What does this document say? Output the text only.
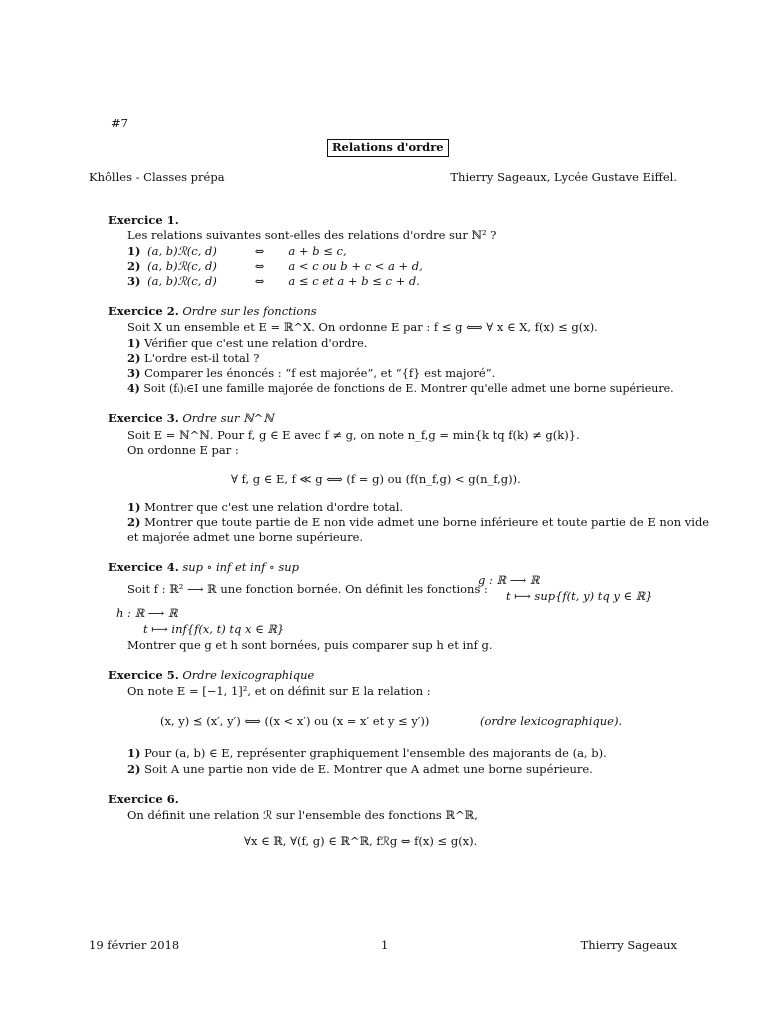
#7
Relations d'ordre
Khôlles - Classes prépa	Thierry Sageaux, Lycée Gustave Eiffel.
Exercice 1.
Les relations suivantes sont-elles des relations d'ordre sur ℕ² ?
1) (a, b)ℛ(c, d)	⇔ a + b ≤ c,
2) (a, b)ℛ(c, d)	⇔ a < c ou b + c < a + d,
3) (a, b)ℛ(c, d)	⇔ a ≤ c et a + b ≤ c + d.
Exercice 2. Ordre sur les fonctions
Soit X un ensemble et E = ℝ^X. On ordonne E par : f ≤ g ⟺ ∀ x ∈ X, f(x) ≤ g(x).
1) Vérifier que c'est une relation d'ordre.
2) L'ordre est-il total ?
3) Comparer les énoncés : “f est majorée”, et “{f} est majoré”.
4) Soit (fᵢ)ᵢ∈I une famille majorée de fonctions de E. Montrer qu'elle admet une borne supérieure.
Exercice 3. Ordre sur ℕ^ℕ
Soit E = ℕ^ℕ. Pour f, g ∈ E avec f ≠ g, on note n_f,g = min{k tq f(k) ≠ g(k)}.
On ordonne E par :
∀ f, g ∈ E, f ≪ g ⟺ (f = g) ou (f(n_f,g) < g(n_f,g)).
1) Montrer que c'est une relation d'ordre total.
2) Montrer que toute partie de E non vide admet une borne inférieure et toute partie de E non vide
et majorée admet une borne supérieure.
Exercice 4. sup ∘ inf et inf ∘ sup
Soit f : ℝ² ⟶ ℝ une fonction bornée. On définit les fonctions :
g : ℝ ⟶ ℝ
t ⟼ sup{f(t, y) tq y ∈ ℝ}
h : ℝ ⟶ ℝ
t ⟼ inf{f(x, t) tq x ∈ ℝ}
Montrer que g et h sont bornées, puis comparer sup h et inf g.
Exercice 5. Ordre lexicographique
On note E = [−1, 1]², et on définit sur E la relation :
(x, y) ⪯ (x′, y′) ⟺ ((x < x′) ou (x = x′ et y ≤ y′))	(ordre lexicographique).
1) Pour (a, b) ∈ E, représenter graphiquement l'ensemble des majorants de (a, b).
2) Soit A une partie non vide de E. Montrer que A admet une borne supérieure.
Exercice 6.
On définit une relation ℛ sur l'ensemble des fonctions ℝ^ℝ,
∀x ∈ ℝ, ∀(f, g) ∈ ℝ^ℝ, fℛg ⇔ f(x) ≤ g(x).
19 février 2018	1	Thierry Sageaux
